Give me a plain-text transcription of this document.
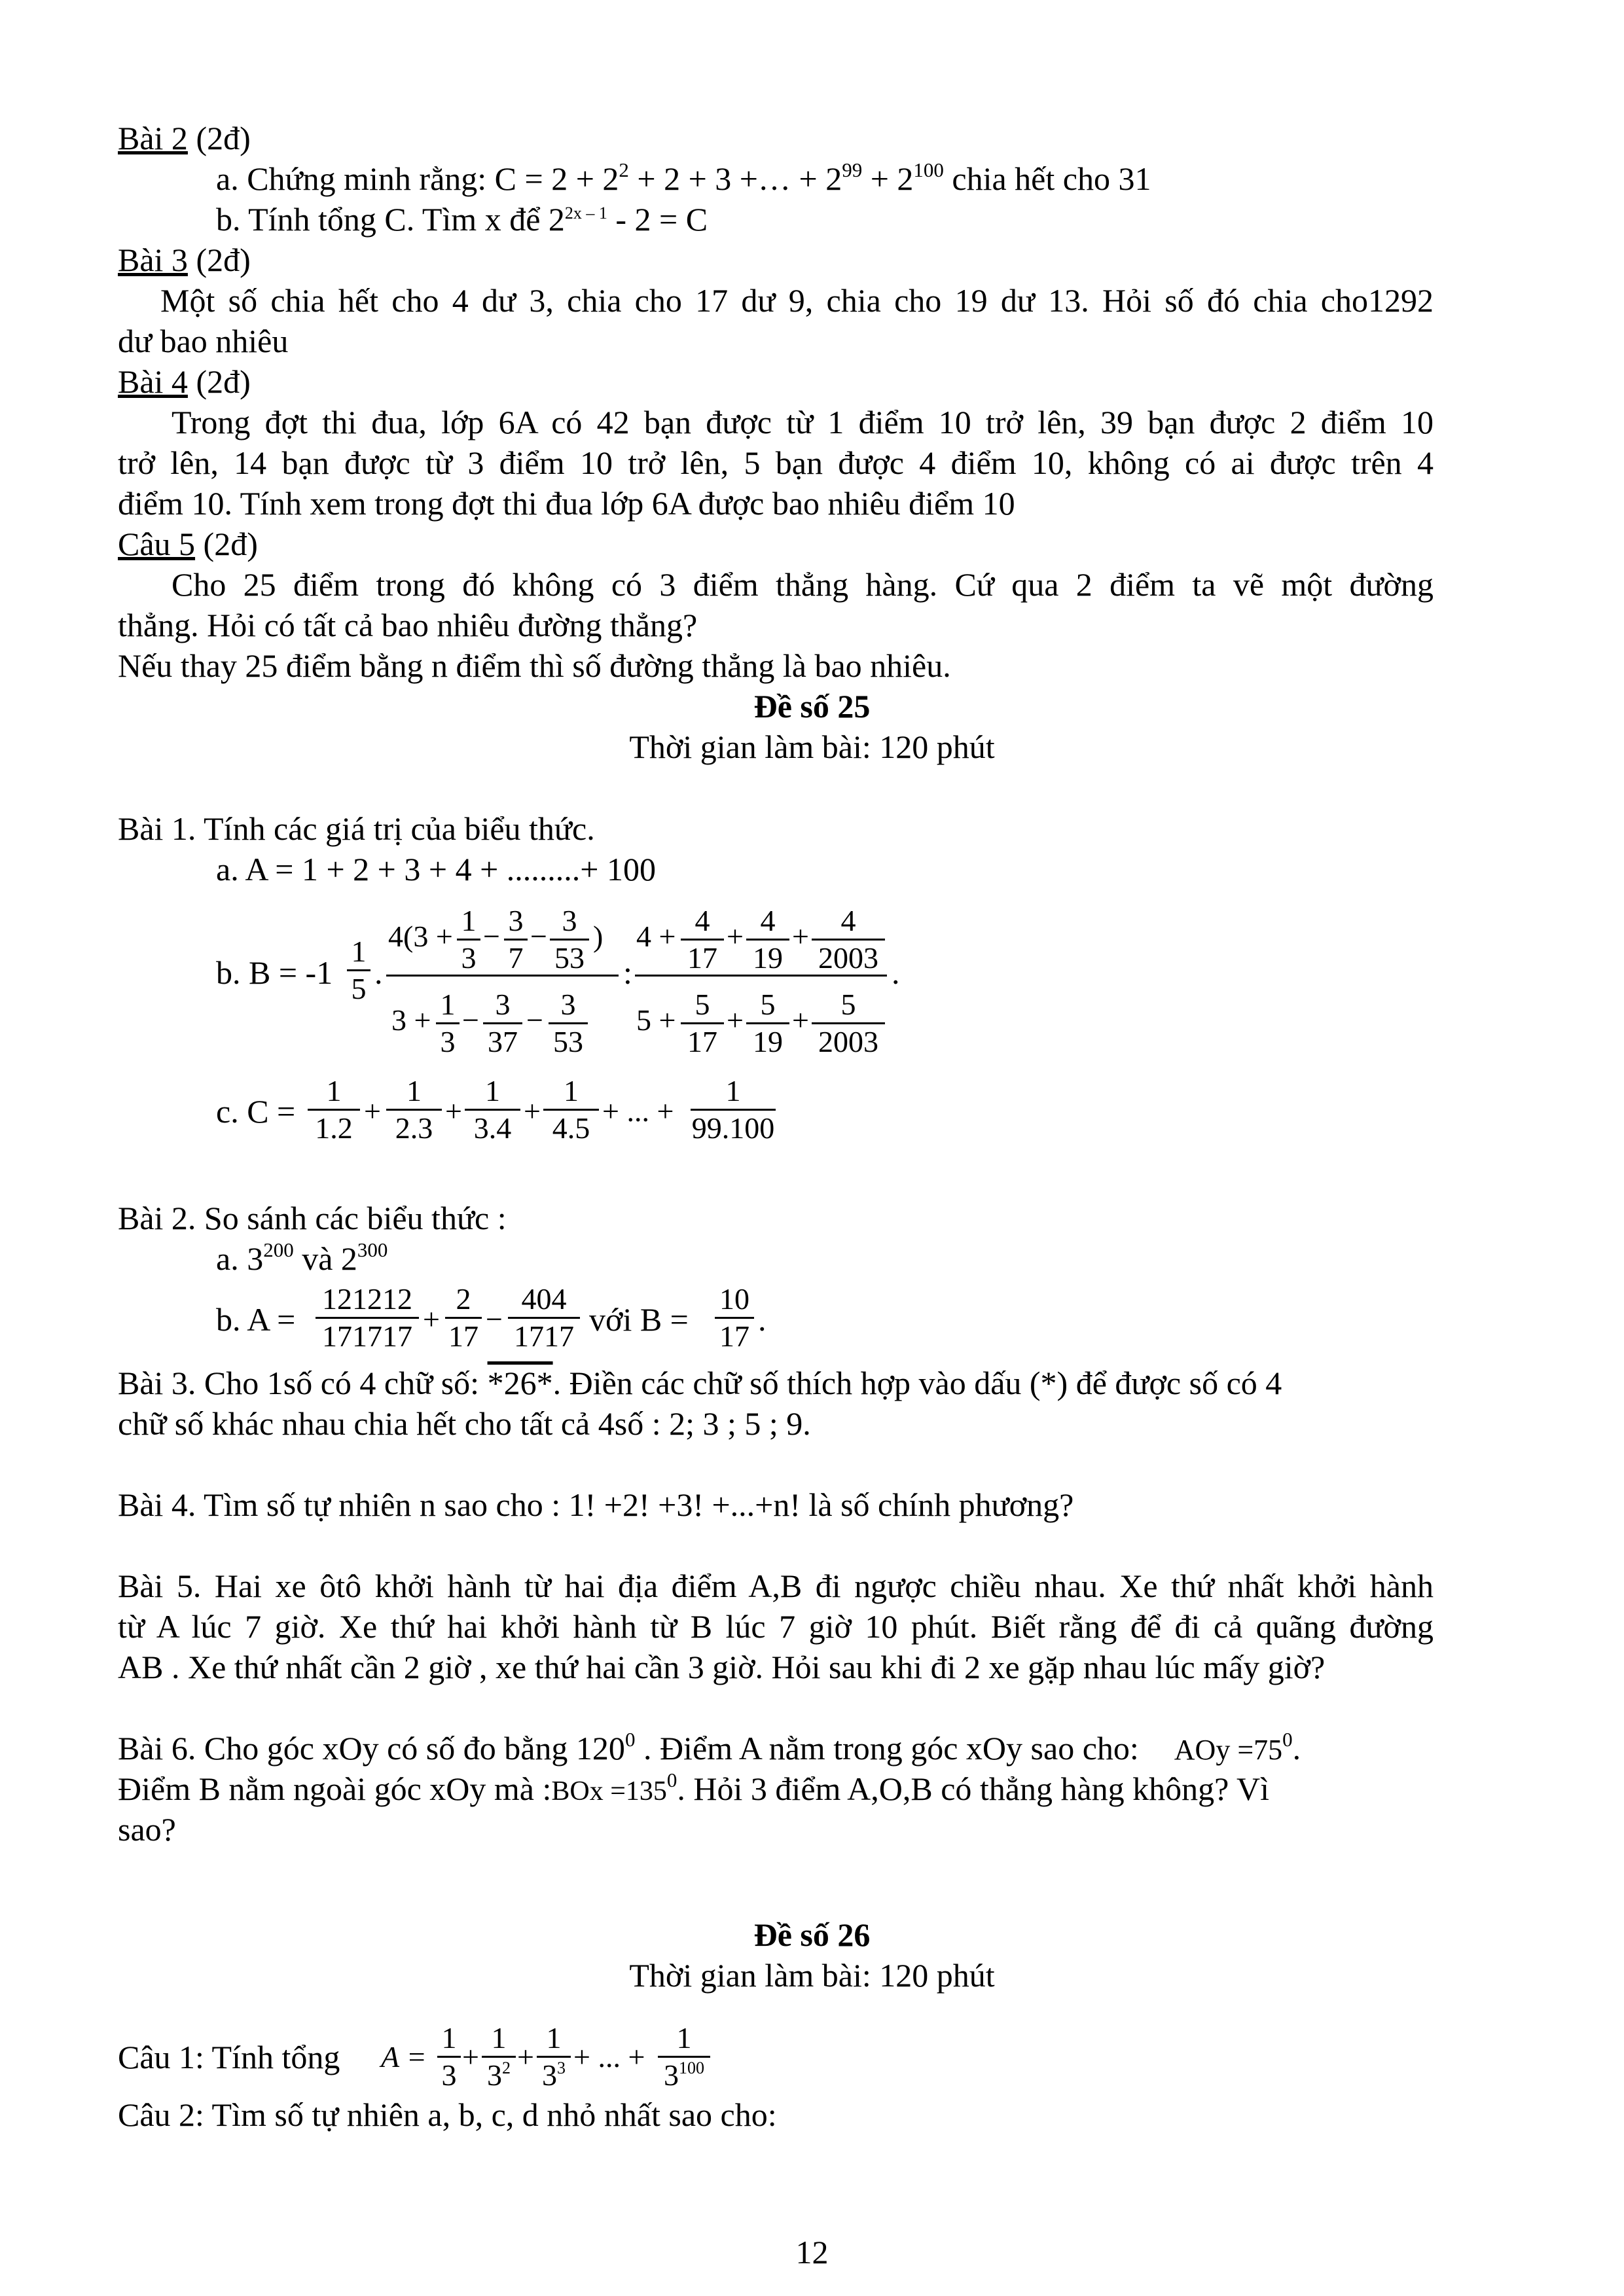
Bài 2 (2đ)
a. Chứng minh rằng: $C = 2 + 2^2 + 2 + 3$ +… + $2^{99} + 2^{100}$ chia hết cho 31
b. Tính tổng C. Tìm x để $2^{2x - 1} - 2 = C$
Bài 3 (2đ)
Một số chia hết cho 4 dư 3, chia cho 17 dư 9, chia cho 19 dư 13. Hỏi số đó chia cho1292
dư bao nhiêu
Bài 4 (2đ)
Trong đợt thi đua, lớp 6A có 42 bạn được từ 1 điểm 10 trở lên, 39 bạn được 2 điểm 10
trở lên, 14 bạn được từ 3 điểm 10 trở lên, 5 bạn được 4 điểm 10, không có ai được trên 4
điểm 10. Tính xem trong đợt thi đua lớp 6A được bao nhiêu điểm 10
Câu 5 (2đ)
Cho 25 điểm trong đó không có 3 điểm thẳng hàng. Cứ qua 2 điểm ta vẽ một đường
thẳng. Hỏi có tất cả bao nhiêu đường thẳng?
Nếu thay 25 điểm bằng n điểm thì số đường thẳng là bao nhiêu.
Đề số 25
Thời gian làm bài: 120 phút
Bài 1. Tính các giá trị của biểu thức.
a. A = 1 + 2 + 3 + 4 + .........+ 100
b. B = -1
1
5 .
4(3 + 1
3
− 3
7
− 3
53
)
3 + 1
3
− 3
37
− 3
53
:
4 + 4
17
+ 4
19
+	4
2003
5 + 5
17
+ 5
19
+	5
2003
.
c. C =
1
1.2
+
1
2.3
+
1
3.4
+
1
4.5
+ ... +
1
99.100
Bài 2. So sánh các biểu thức :
a. $3^{200}$ và $2^{300}$
b. A =
121212
171717
+
2
17
−
404
1717 với B =
10
17 .
Bài 3. Cho 1số có 4 chữ số: *26*. Điền các chữ số thích hợp vào dấu (*) để được số có 4
chữ số khác nhau chia hết cho tất cả 4số : 2; 3 ; 5 ; 9.
Bài 4. Tìm số tự nhiên n sao cho : 1! +2! +3! +...+n! là số chính phương?
Bài 5. Hai xe ôtô khởi hành từ hai địa điểm A,B đi ngược chiều nhau. Xe thứ nhất khởi hành
từ A lúc 7 giờ. Xe thứ hai khởi hành từ B lúc 7 giờ 10 phút. Biết rằng để đi cả quãng đường
AB . Xe thứ nhất cần 2 giờ , xe thứ hai cần 3 giờ. Hỏi sau khi đi 2 xe gặp nhau lúc mấy giờ?
Bài 6. Cho góc xOy có số đo bằng $120^0$ . Điểm A nằm trong góc xOy sao cho: AOy $=75^0$.
Điểm B nằm ngoài góc xOy mà :BOx $=135^0$. Hỏi 3 điểm A,O,B có thẳng hàng không? Vì
sao?
Đề số 26
Thời gian làm bài: 120 phút
Câu 1: Tính tổng A =
1
3
+
1
$3^2$ +
1
$3^3$ + ... +
1
$3^{100}$
Câu 2: Tìm số tự nhiên a, b, c, d nhỏ nhất sao cho:
12
